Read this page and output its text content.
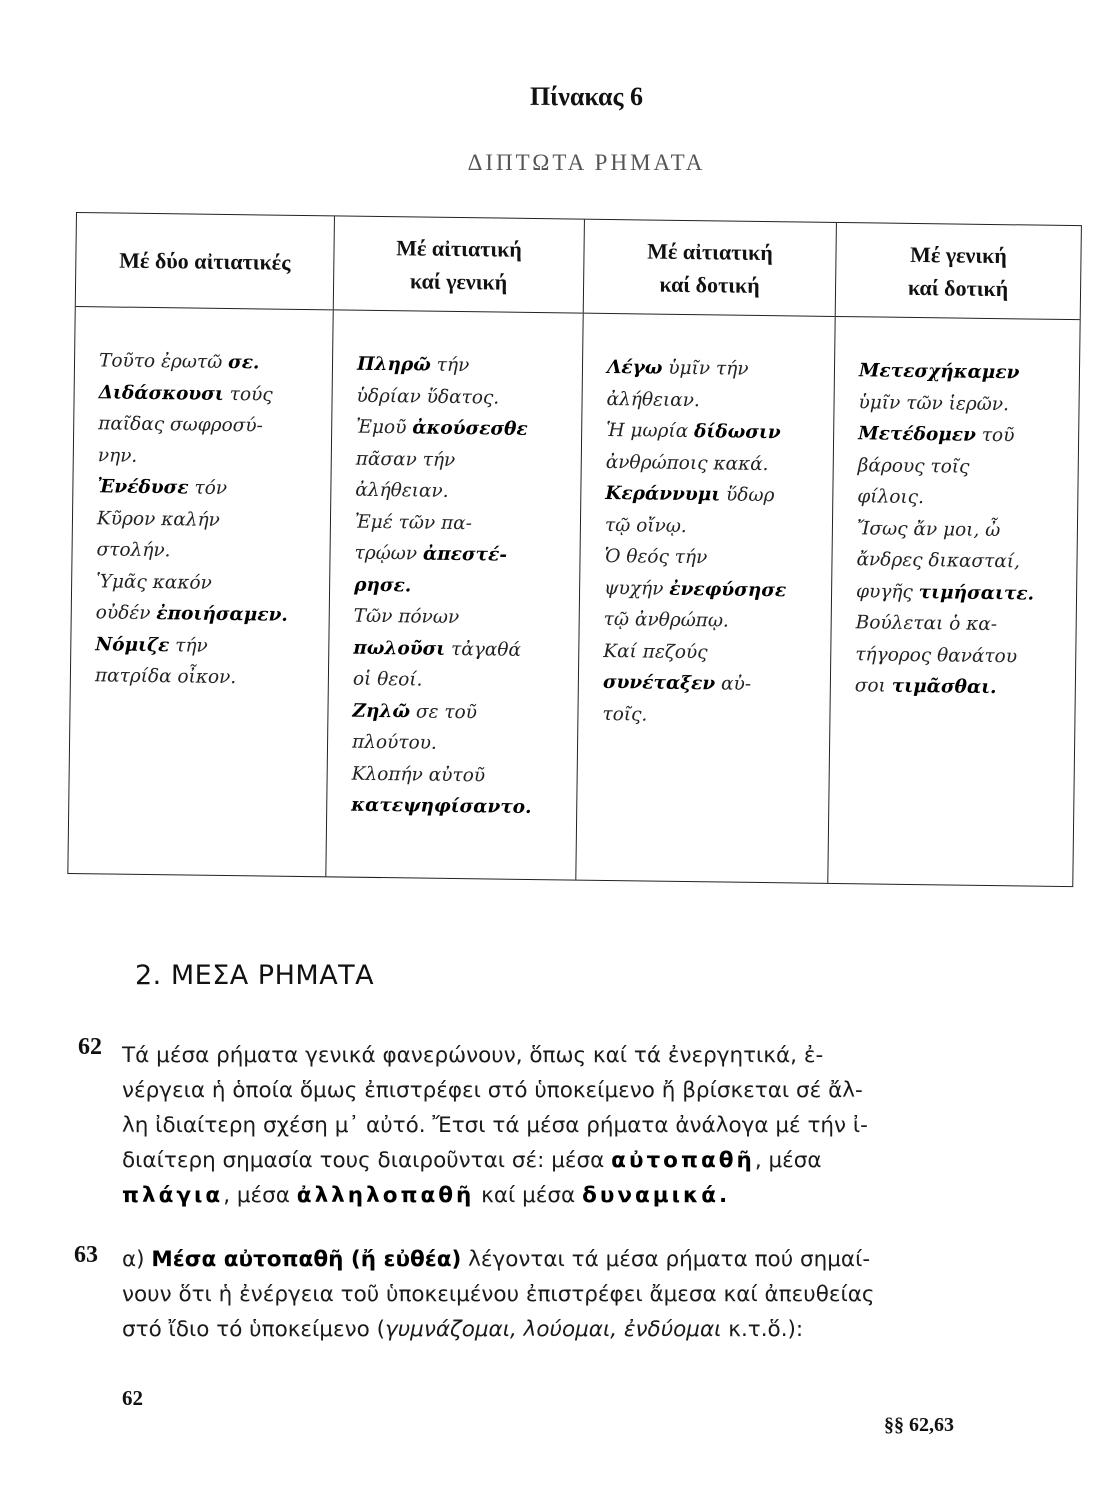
Πίνακας 6
ΔΙΠΤΩΤΑ ΡΗΜΑΤΑ
Μέ δύο αἰτιατικές
Τοῦτο ἐρωτῶ σε.
Διδάσκουσι τούς
παῖδας σωφροσύ-
νην.
Ἐνέδυσε τόν
Κῦρον καλήν
στολήν.
Ὑμᾶς κακόν
οὐδέν ἐποιήσαμεν.
Νόμιζε τήν
πατρίδα οἶκον.
Μέ αἰτιατική
καί γενική
Πληρῶ τήν
ὑδρίαν ὕδατος.
Ἐμοῦ ἀκούσεσθε
πᾶσαν τήν
ἀλήθειαν.
Ἐμέ τῶν πα-
τρῴων ἀπεστέ-
ρησε.
Τῶν πόνων
πωλοῦσι τἀγαθά
οἱ θεοί.
Ζηλῶ σε τοῦ
πλούτου.
Κλοπήν αὐτοῦ
κατεψηφίσαντο.
Μέ αἰτιατική
καί δοτική
Λέγω ὑμῖν τήν
ἀλήθειαν.
Ἡ μωρία δίδωσιν
ἀνθρώποις κακά.
Κεράννυμι ὕδωρ
τῷ οἴνῳ.
Ὁ θεός τήν
ψυχήν ἐνεφύσησε
τῷ ἀνθρώπῳ.
Καί πεζούς
συνέταξεν αὐ-
τοῖς.
Μέ γενική
καί δοτική
Μετεσχήκαμεν
ὑμῖν τῶν ἱερῶν.
Μετέδομεν τοῦ
βάρους τοῖς
φίλοις.
Ἴσως ἄν μοι, ὦ
ἄνδρες δικασταί,
φυγῆς τιμήσαιτε.
Βούλεται ὁ κα-
τήγορος θανάτου
σοι τιμᾶσθαι.
2. ΜΕΣΑ ΡΗΜΑΤΑ
62 Τά μέσα ρήματα γενικά φανερώνουν, ὅπως καί τά ἐνεργητικά, ἐ-
νέργεια ἡ ὁποία ὅμως ἐπιστρέφει στό ὑποκείμενο ἤ βρίσκεται σέ ἄλ-
λη ἰδιαίτερη σχέση μ᾽ αὐτό. Ἔτσι τά μέσα ρήματα ἀνάλογα μέ τήν ἰ-
διαίτερη σημασία τους διαιροῦνται σέ: μέσα αὐτοπαθῆ, μέσα
πλάγια, μέσα ἀλληλοπαθῆ καί μέσα δυναμικά.
63 α) Μέσα αὐτοπαθῆ (ἤ εὐθέα) λέγονται τά μέσα ρήματα πού σημαί-
νουν ὅτι ἡ ἐνέργεια τοῦ ὑποκειμένου ἐπιστρέφει ἄμεσα καί ἀπευθείας
στό ἴδιο τό ὑποκείμενο (γυμνάζομαι, λούομαι, ἐνδύομαι κ.τ.ὅ.):
62
§§ 62,63
